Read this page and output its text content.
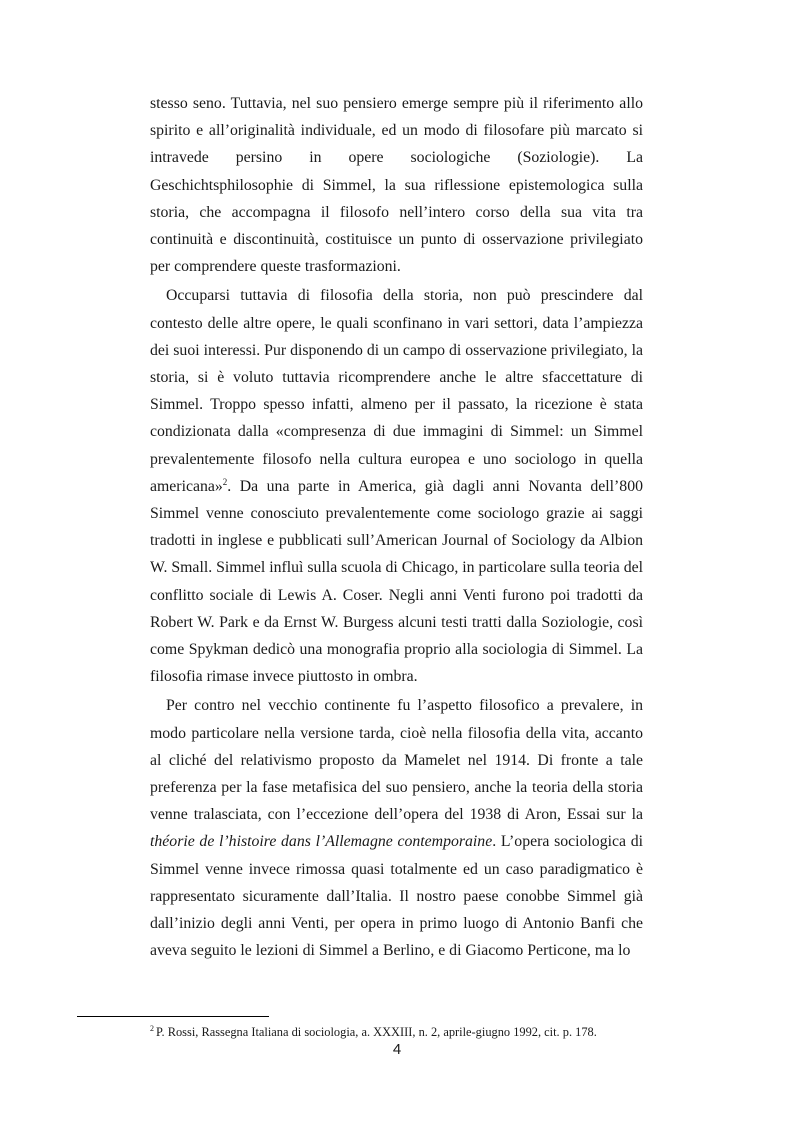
stesso seno. Tuttavia, nel suo pensiero emerge sempre più il riferimento allo spirito e all’originalità individuale, ed un modo di filosofare più marcato si intravede persino in opere sociologiche (Soziologie). La Geschichtsphilosophie di Simmel, la sua riflessione epistemologica sulla storia, che accompagna il filosofo nell’intero corso della sua vita tra continuità e discontinuità, costituisce un punto di osservazione privilegiato per comprendere queste trasformazioni.

Occuparsi tuttavia di filosofia della storia, non può prescindere dal contesto delle altre opere, le quali sconfinano in vari settori, data l’ampiezza dei suoi interessi. Pur disponendo di un campo di osservazione privilegiato, la storia, si è voluto tuttavia ricomprendere anche le altre sfaccettature di Simmel. Troppo spesso infatti, almeno per il passato, la ricezione è stata condizionata dalla «compresenza di due immagini di Simmel: un Simmel prevalentemente filosofo nella cultura europea e uno sociologo in quella americana»$^2$. Da una parte in America, già dagli anni Novanta dell’800 Simmel venne conosciuto prevalentemente come sociologo grazie ai saggi tradotti in inglese e pubblicati sull’American Journal of Sociology da Albion W. Small. Simmel influì sulla scuola di Chicago, in particolare sulla teoria del conflitto sociale di Lewis A. Coser. Negli anni Venti furono poi tradotti da Robert W. Park e da Ernst W. Burgess alcuni testi tratti dalla Soziologie, così come Spykman dedicò una monografia proprio alla sociologia di Simmel. La filosofia rimase invece piuttosto in ombra.

Per contro nel vecchio continente fu l’aspetto filosofico a prevalere, in modo particolare nella versione tarda, cioè nella filosofia della vita, accanto al cliché del relativismo proposto da Mamelet nel 1914. Di fronte a tale preferenza per la fase metafisica del suo pensiero, anche la teoria della storia venne tralasciata, con l’eccezione dell’opera del 1938 di Aron, Essai sur la théorie de l’histoire dans l’Allemagne contemporaine. L’opera sociologica di Simmel venne invece rimossa quasi totalmente ed un caso paradigmatico è rappresentato sicuramente dall’Italia. Il nostro paese conobbe Simmel già dall’inizio degli anni Venti, per opera in primo luogo di Antonio Banfi che aveva seguito le lezioni di Simmel a Berlino, e di Giacomo Perticone, ma lo

$^2$ P. Rossi, Rassegna Italiana di sociologia, a. XXXIII, n. 2, aprile-giugno 1992, cit. p. 178.
4
